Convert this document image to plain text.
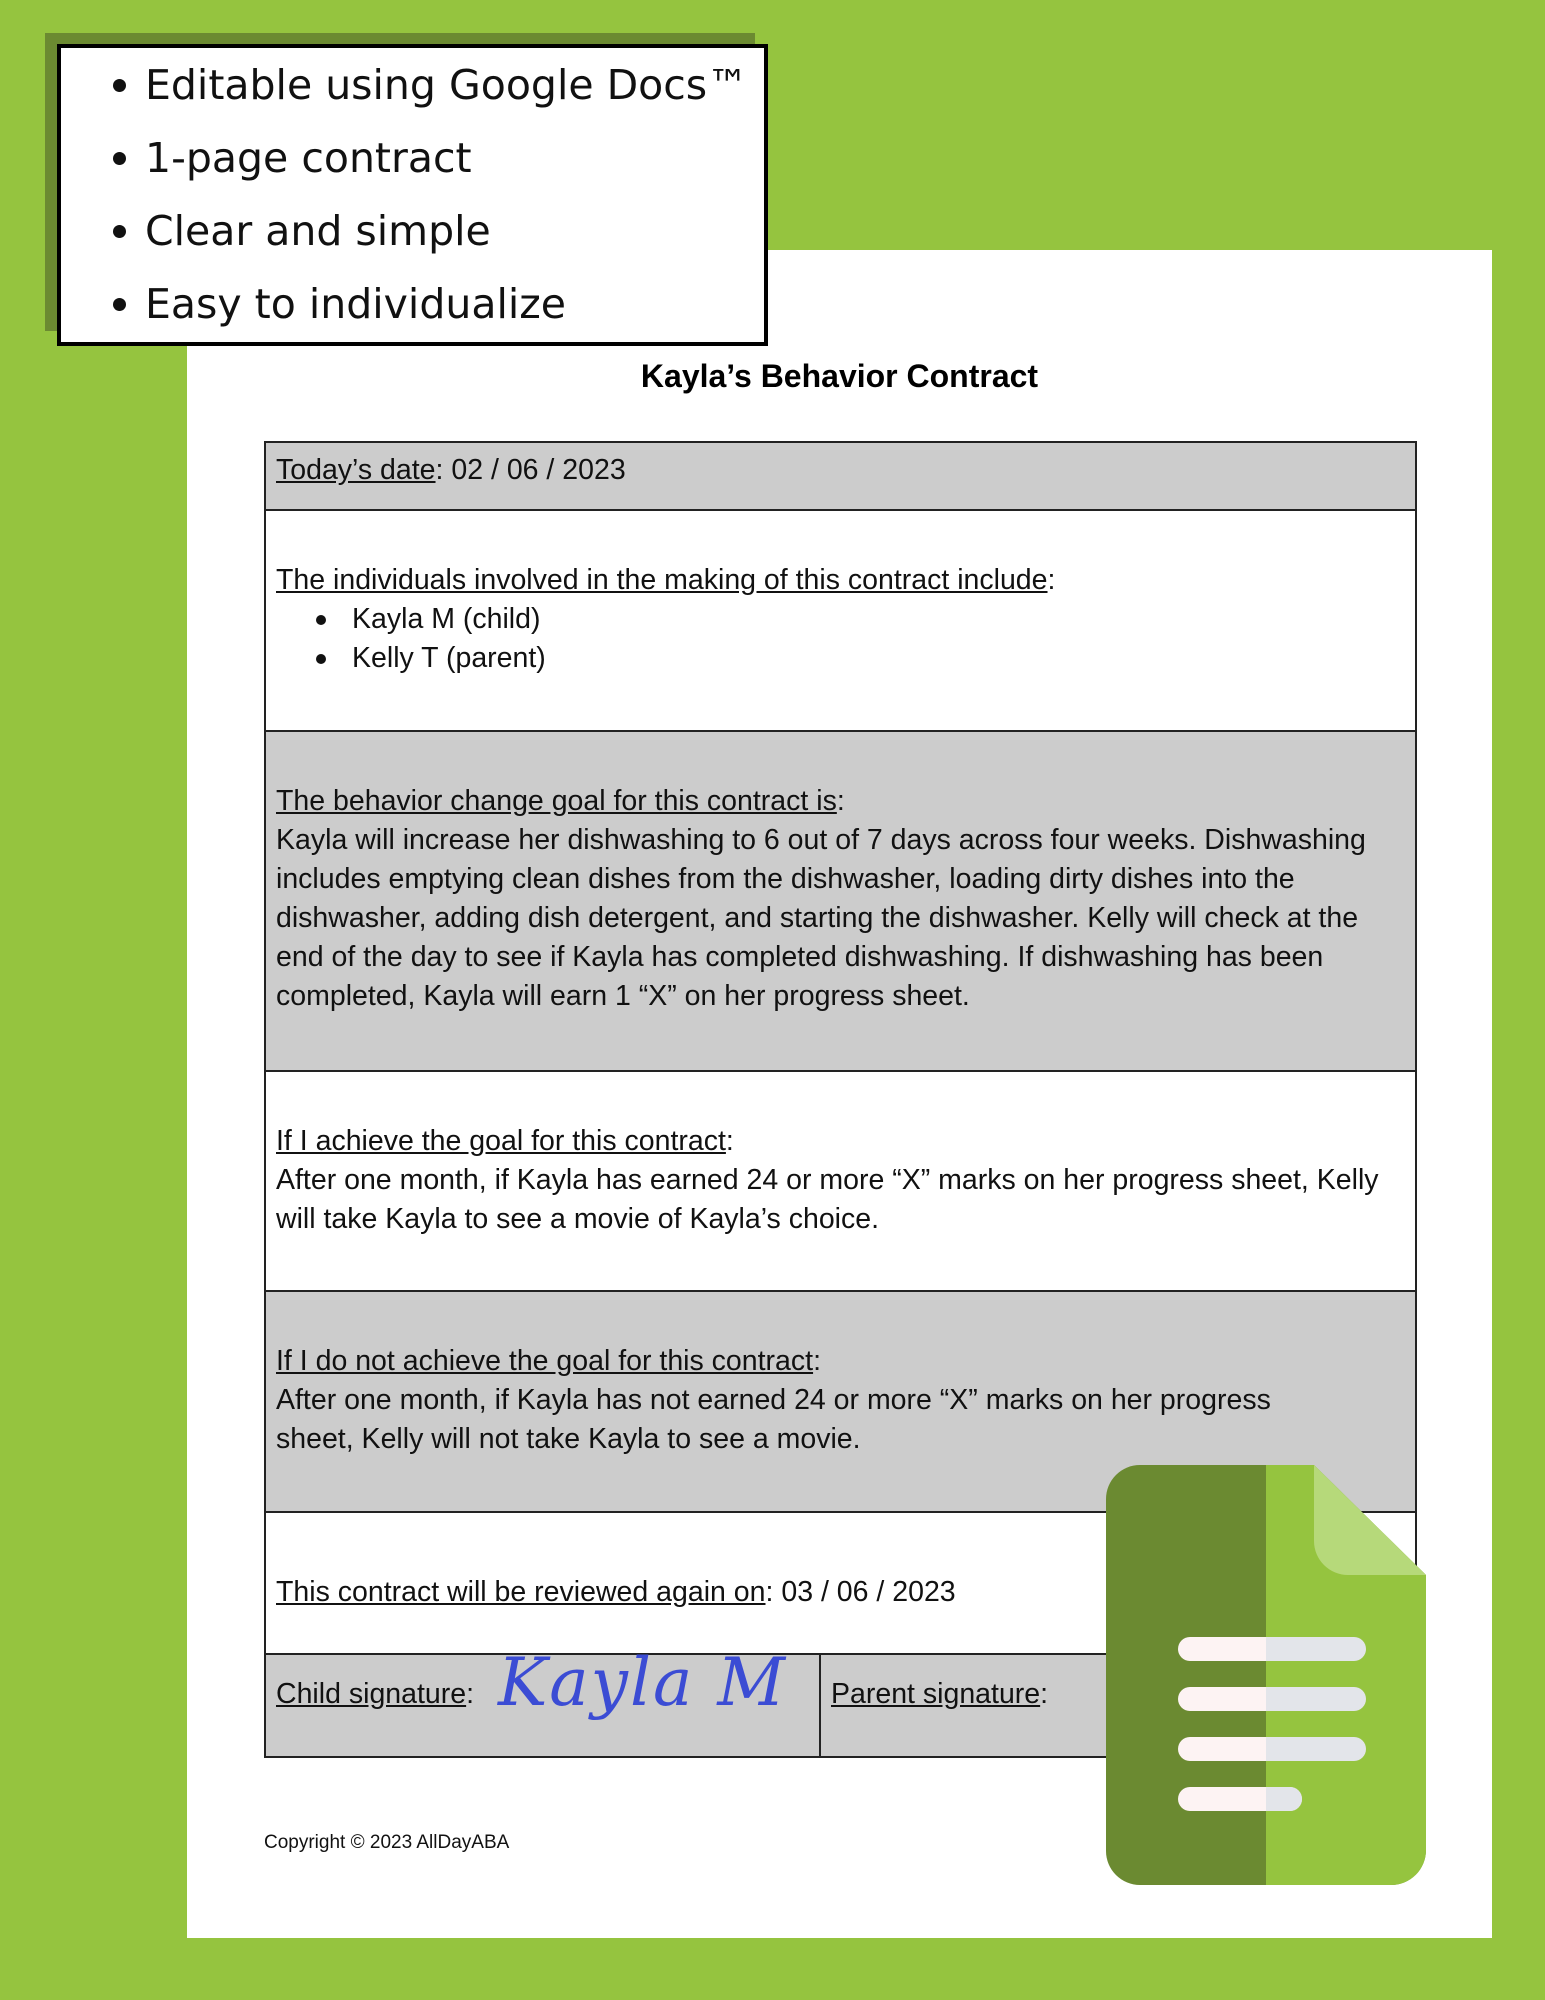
Editable using Google Docs™
1-page contract
Clear and simple
Easy to individualize
Kayla’s Behavior Contract
Today’s date: 02 / 06 / 2023
The individuals involved in the making of this contract include:
Kayla M (child)
Kelly T (parent)

The behavior change goal for this contract is:
Kayla will increase her dishwashing to 6 out of 7 days across four weeks. Dishwashing includes emptying clean dishes from the dishwasher, loading dirty dishes into the dishwasher, adding dish detergent, and starting the dishwasher. Kelly will check at the end of the day to see if Kayla has completed dishwashing. If dishwashing has been completed, Kayla will earn 1 “X” on her progress sheet.
If I achieve the goal for this contract:
After one month, if Kayla has earned 24 or more “X” marks on her progress sheet, Kelly will take Kayla to see a movie of Kayla’s choice.
If I do not achieve the goal for this contract:
After one month, if Kayla has not earned 24 or more “X” marks on her progress sheet, Kelly will not take Kayla to see a movie.
This contract will be reviewed again on: 03 / 06 / 2023
Child signature: Kayla M	Parent signature:
Copyright © 2023 AllDayABA
